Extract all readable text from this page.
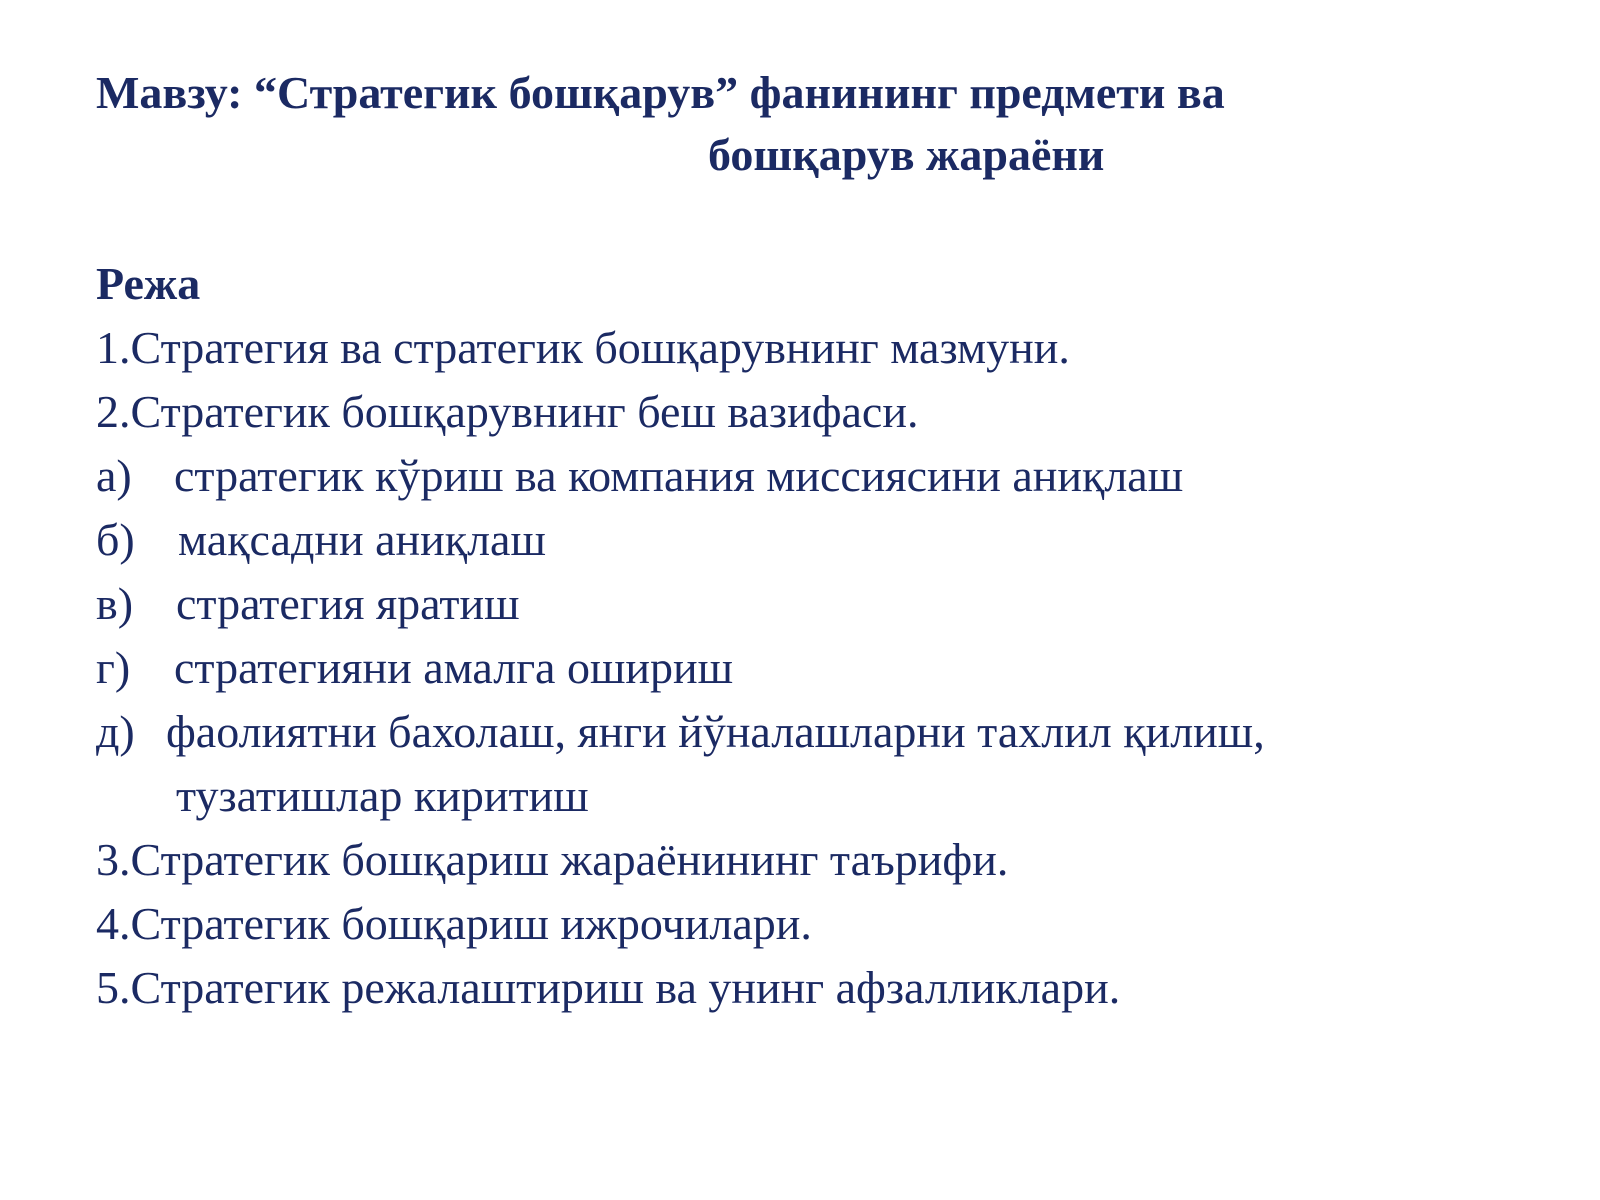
Мавзу: “Стратегик бошқарув” фанининг предмети ва
бошқарув жараёни

Режа

1.Стратегия ва стратегик бошқарувнинг мазмуни.

2.Стратегик бошқарувнинг беш вазифаси.

а) стратегик кўриш ва компания миссиясини аниқлаш

б) мақсадни аниқлаш

в) стратегия яратиш

г) стратегияни амалга ошириш

д) фаолиятни бахолаш, янги йўналашларни тахлил қилиш,

тузатишлар киритиш

3.Стратегик бошқариш жараёнининг таърифи.

4.Стратегик бошқариш ижрочилари.

5.Стратегик режалаштириш ва унинг афзалликлари.
